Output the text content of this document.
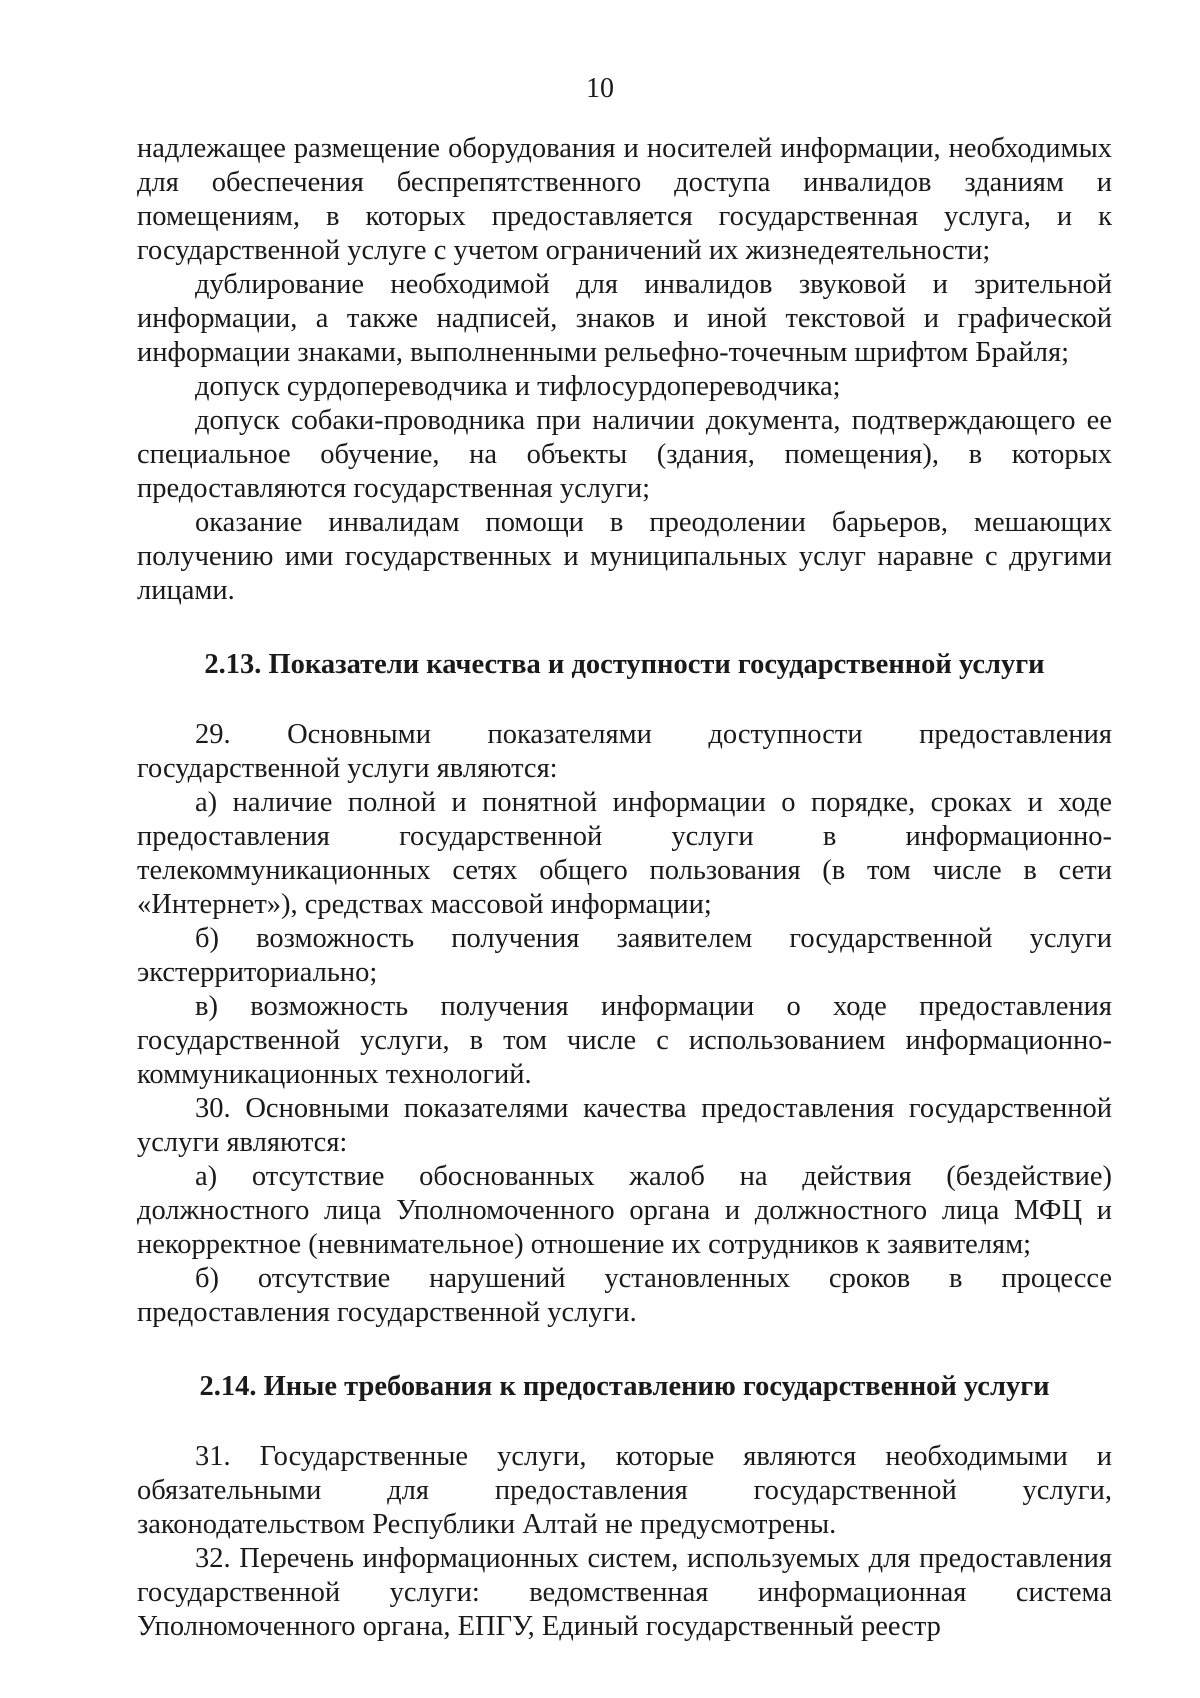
10

надлежащее размещение оборудования и носителей информации, необходимых для обеспечения беспрепятственного доступа инвалидов зданиям и помещениям, в которых предоставляется государственная услуга, и к государственной услуге с учетом ограничений их жизнедеятельности;

дублирование необходимой для инвалидов звуковой и зрительной информации, а также надписей, знаков и иной текстовой и графической информации знаками, выполненными рельефно-точечным шрифтом Брайля;

допуск сурдопереводчика и тифлосурдопереводчика;

допуск собаки-проводника при наличии документа, подтверждающего ее специальное обучение, на объекты (здания, помещения), в которых предоставляются государственная услуги;

оказание инвалидам помощи в преодолении барьеров, мешающих получению ими государственных и муниципальных услуг наравне с другими лицами.

2.13. Показатели качества и доступности государственной услуги

29. Основными показателями доступности предоставления государственной услуги являются:

а) наличие полной и понятной информации о порядке, сроках и ходе предоставления государственной услуги в информационно-телекоммуникационных сетях общего пользования (в том числе в сети «Интернет»), средствах массовой информации;

б) возможность получения заявителем государственной услуги экстерриториально;

в) возможность получения информации о ходе предоставления государственной услуги, в том числе с использованием информационно-коммуникационных технологий.

30. Основными показателями качества предоставления государственной услуги являются:

а) отсутствие обоснованных жалоб на действия (бездействие) должностного лица Уполномоченного органа и должностного лица МФЦ и некорректное (невнимательное) отношение их сотрудников к заявителям;

б) отсутствие нарушений установленных сроков в процессе предоставления государственной услуги.

2.14. Иные требования к предоставлению государственной услуги

31. Государственные услуги, которые являются необходимыми и обязательными для предоставления государственной услуги, законодательством Республики Алтай не предусмотрены.

32. Перечень информационных систем, используемых для предоставления государственной услуги: ведомственная информационная система Уполномоченного органа, ЕПГУ, Единый государственный реестр
